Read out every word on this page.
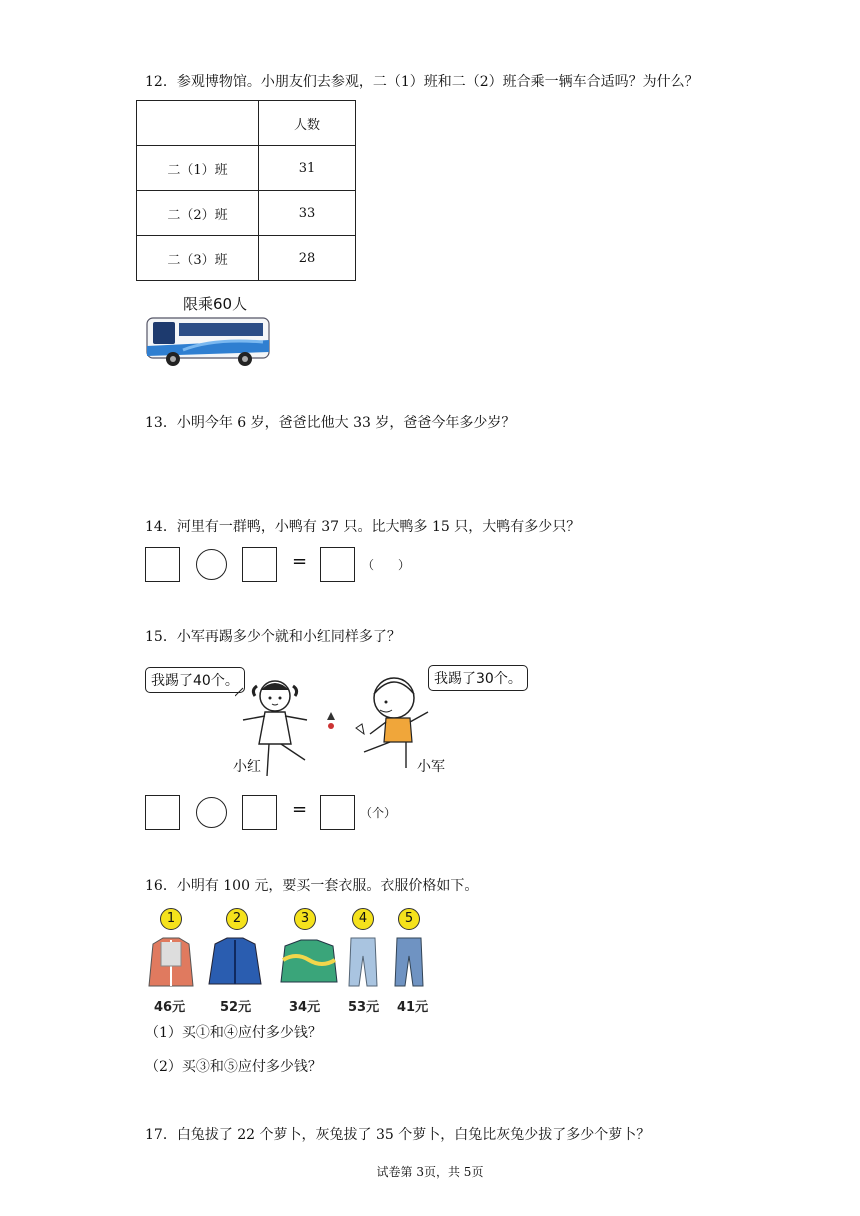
12．参观博物馆。小朋友们去参观，二（1）班和二（2）班合乘一辆车合适吗？为什么？
	人数
二（1）班	31
二（2）班	33
二（3）班	28
限乘60人
13．小明今年 6 岁，爸爸比他大 33 岁，爸爸今年多少岁？
14．河里有一群鸭，小鸭有 37 只。比大鸭多 15 只，大鸭有多少只？
=	（　　）
15．小军再踢多少个就和小红同样多了？
我踢了40个。	我踢了30个。
小红	小军
=	（个）
16．小明有 100 元，要买一套衣服。衣服价格如下。
1	2	3	4	5
46元	52元	34元 53元 41元
（1）买①和④应付多少钱？
（2）买③和⑤应付多少钱？
17．白兔拔了 22 个萝卜，灰兔拔了 35 个萝卜，白兔比灰兔少拔了多少个萝卜？
试卷第 3页，共 5页
